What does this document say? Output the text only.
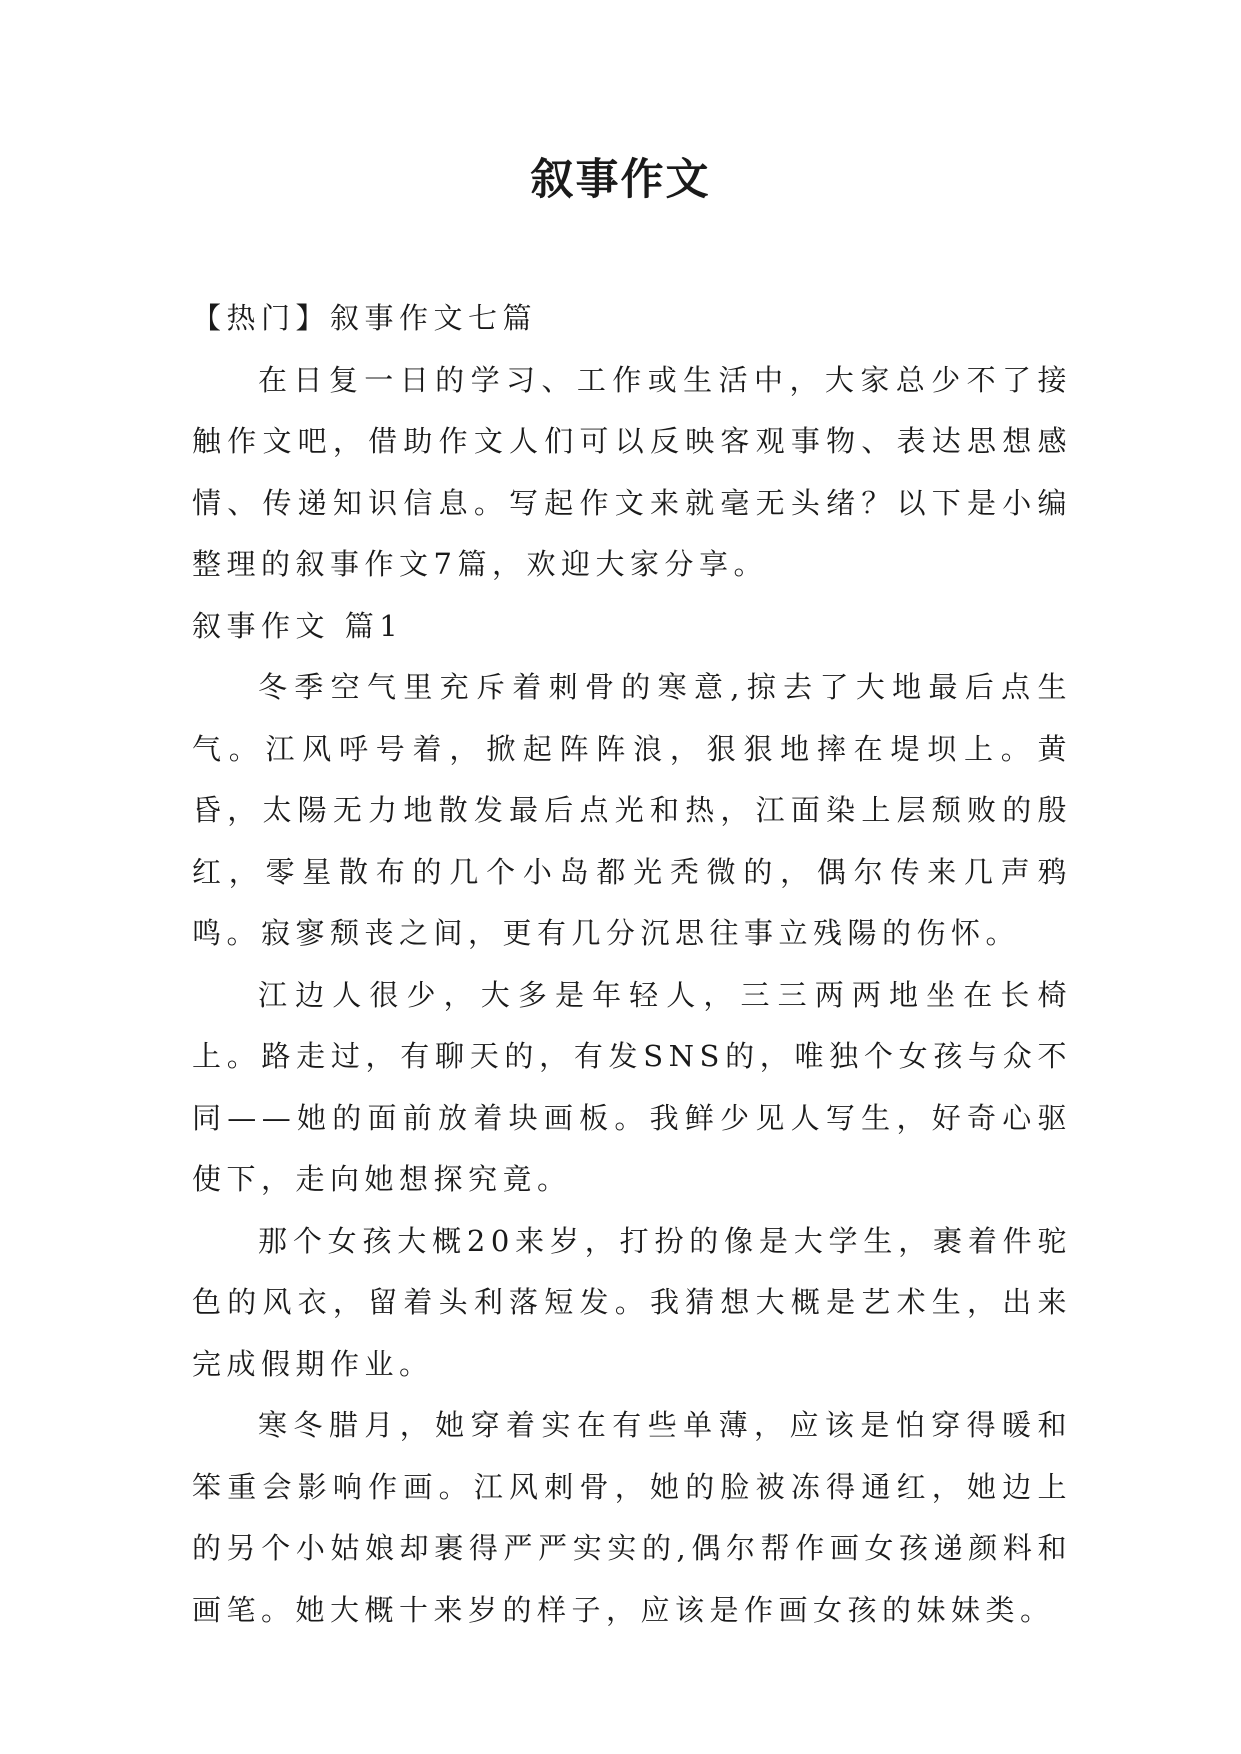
叙事作文

【热门】叙事作文七篇

在日复一日的学习、工作或生活中，大家总少不了接触作文吧，借助作文人们可以反映客观事物、表达思想感情、传递知识信息。写起作文来就毫无头绪？以下是小编整理的叙事作文7篇，欢迎大家分享。

叙事作文 篇1

冬季空气里充斥着刺骨的寒意,掠去了大地最后点生气。江风呼号着，掀起阵阵浪，狠狠地摔在堤坝上。黄昏，太陽无力地散发最后点光和热，江面染上层颓败的殷红，零星散布的几个小岛都光秃微的，偶尔传来几声鸦鸣。寂寥颓丧之间，更有几分沉思往事立残陽的伤怀。

江边人很少，大多是年轻人，三三两两地坐在长椅上。路走过，有聊天的，有发SNS的，唯独个女孩与众不同——她的面前放着块画板。我鲜少见人写生，好奇心驱使下，走向她想探究竟。

那个女孩大概20来岁，打扮的像是大学生，裹着件驼色的风衣，留着头利落短发。我猜想大概是艺术生，出来完成假期作业。

寒冬腊月，她穿着实在有些单薄，应该是怕穿得暖和笨重会影响作画。江风刺骨，她的脸被冻得通红，她边上的另个小姑娘却裹得严严实实的,偶尔帮作画女孩递颜料和画笔。她大概十来岁的样子，应该是作画女孩的妹妹类。
